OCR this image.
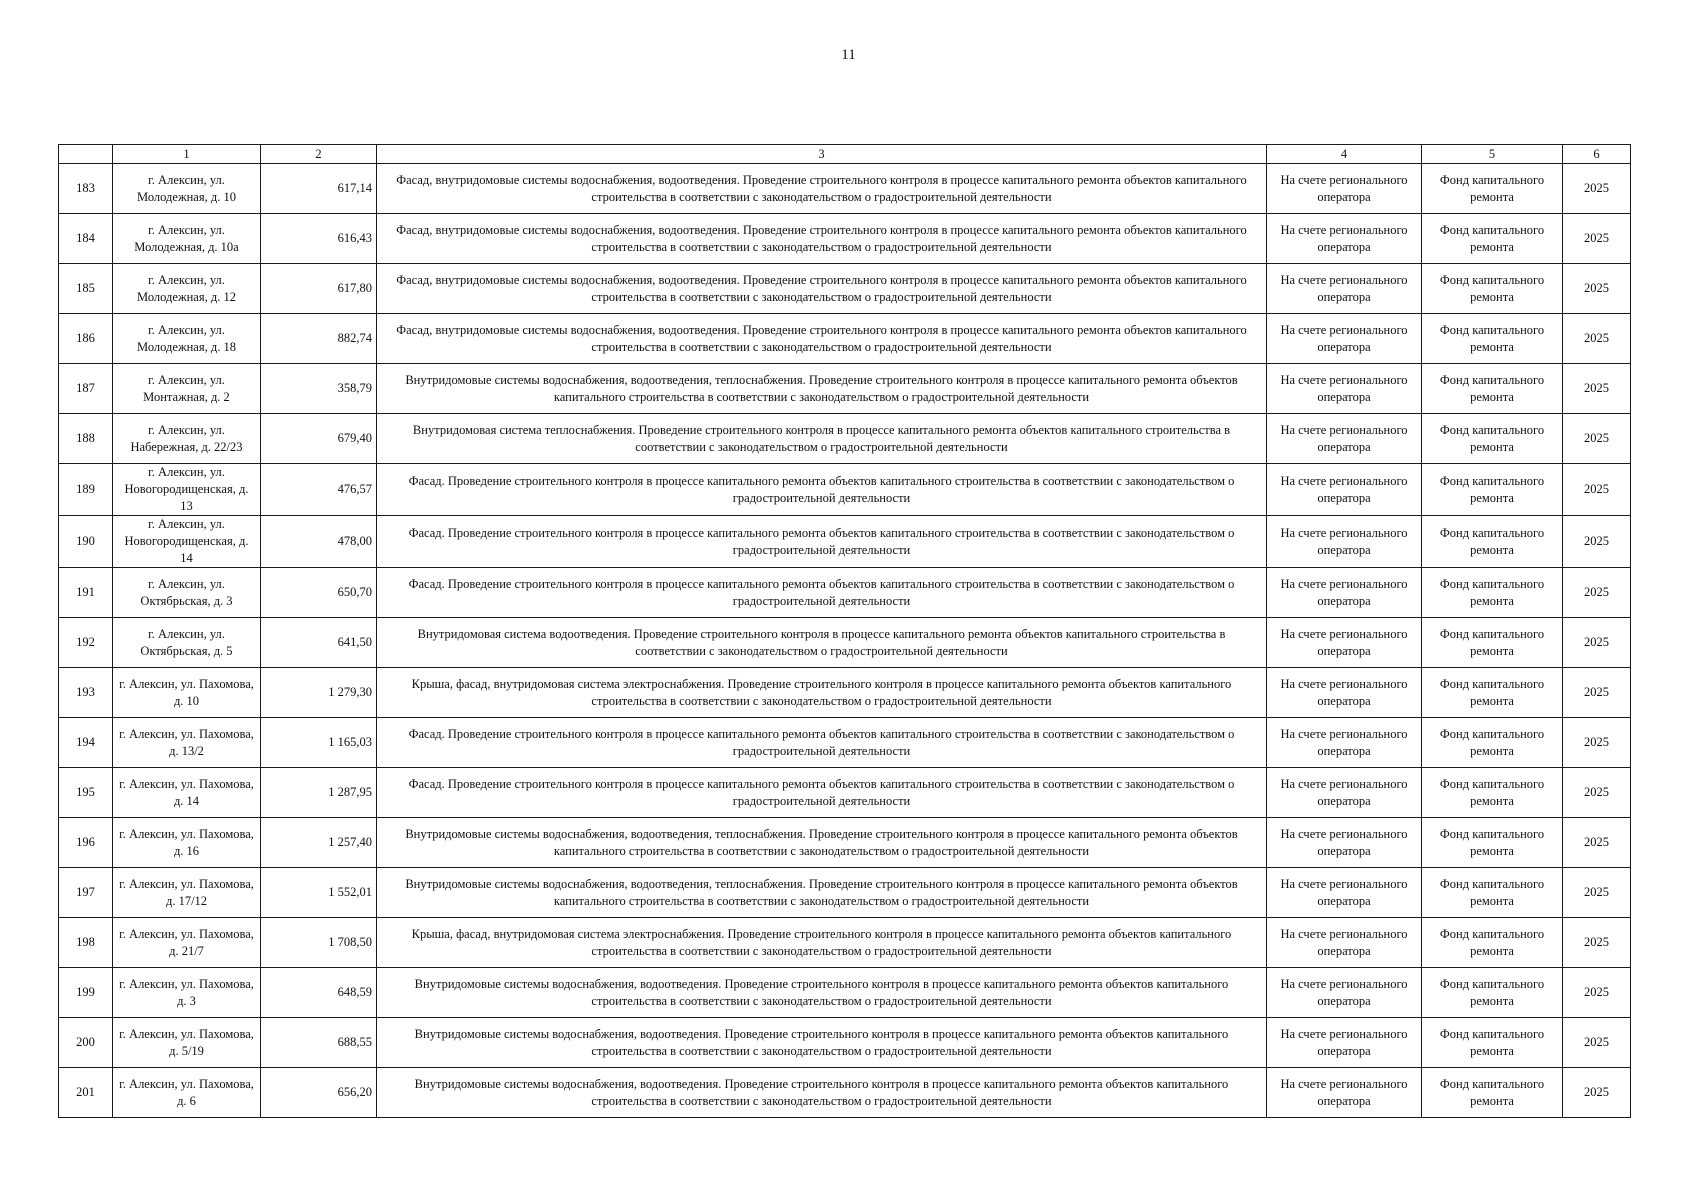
11
	1	2	3	4	5	6
183	г. Алексин, ул. Молодежная, д. 10	617,14	Фасад, внутридомовые системы водоснабжения, водоотведения. Проведение строительного контроля в процессе капитального ремонта объектов капитального строительства в соответствии с законодательством о градостроительной деятельности	На счете регионального оператора	Фонд капитального ремонта	2025
184	г. Алексин, ул. Молодежная, д. 10а	616,43	Фасад, внутридомовые системы водоснабжения, водоотведения. Проведение строительного контроля в процессе капитального ремонта объектов капитального строительства в соответствии с законодательством о градостроительной деятельности	На счете регионального оператора	Фонд капитального ремонта	2025
185	г. Алексин, ул. Молодежная, д. 12	617,80	Фасад, внутридомовые системы водоснабжения, водоотведения. Проведение строительного контроля в процессе капитального ремонта объектов капитального строительства в соответствии с законодательством о градостроительной деятельности	На счете регионального оператора	Фонд капитального ремонта	2025
186	г. Алексин, ул. Молодежная, д. 18	882,74	Фасад, внутридомовые системы водоснабжения, водоотведения. Проведение строительного контроля в процессе капитального ремонта объектов капитального строительства в соответствии с законодательством о градостроительной деятельности	На счете регионального оператора	Фонд капитального ремонта	2025
187	г. Алексин, ул. Монтажная, д. 2	358,79	Внутридомовые системы водоснабжения, водоотведения, теплоснабжения. Проведение строительного контроля в процессе капитального ремонта объектов капитального строительства в соответствии с законодательством о градостроительной деятельности	На счете регионального оператора	Фонд капитального ремонта	2025
188	г. Алексин, ул. Набережная, д. 22/23	679,40	Внутридомовая система теплоснабжения. Проведение строительного контроля в процессе капитального ремонта объектов капитального строительства в соответствии с законодательством о градостроительной деятельности	На счете регионального оператора	Фонд капитального ремонта	2025
189	г. Алексин, ул. Новогородищенская, д. 13	476,57	Фасад. Проведение строительного контроля в процессе капитального ремонта объектов капитального строительства в соответствии с законодательством о градостроительной деятельности	На счете регионального оператора	Фонд капитального ремонта	2025
190	г. Алексин, ул. Новогородищенская, д. 14	478,00	Фасад. Проведение строительного контроля в процессе капитального ремонта объектов капитального строительства в соответствии с законодательством о градостроительной деятельности	На счете регионального оператора	Фонд капитального ремонта	2025
191	г. Алексин, ул. Октябрьская, д. 3	650,70	Фасад. Проведение строительного контроля в процессе капитального ремонта объектов капитального строительства в соответствии с законодательством о градостроительной деятельности	На счете регионального оператора	Фонд капитального ремонта	2025
192	г. Алексин, ул. Октябрьская, д. 5	641,50	Внутридомовая система водоотведения. Проведение строительного контроля в процессе капитального ремонта объектов капитального строительства в соответствии с законодательством о градостроительной деятельности	На счете регионального оператора	Фонд капитального ремонта	2025
193	г. Алексин, ул. Пахомова, д. 10	1 279,30	Крыша, фасад, внутридомовая система электроснабжения. Проведение строительного контроля в процессе капитального ремонта объектов капитального строительства в соответствии с законодательством о градостроительной деятельности	На счете регионального оператора	Фонд капитального ремонта	2025
194	г. Алексин, ул. Пахомова, д. 13/2	1 165,03	Фасад. Проведение строительного контроля в процессе капитального ремонта объектов капитального строительства в соответствии с законодательством о градостроительной деятельности	На счете регионального оператора	Фонд капитального ремонта	2025
195	г. Алексин, ул. Пахомова, д. 14	1 287,95	Фасад. Проведение строительного контроля в процессе капитального ремонта объектов капитального строительства в соответствии с законодательством о градостроительной деятельности	На счете регионального оператора	Фонд капитального ремонта	2025
196	г. Алексин, ул. Пахомова, д. 16	1 257,40	Внутридомовые системы водоснабжения, водоотведения, теплоснабжения. Проведение строительного контроля в процессе капитального ремонта объектов капитального строительства в соответствии с законодательством о градостроительной деятельности	На счете регионального оператора	Фонд капитального ремонта	2025
197	г. Алексин, ул. Пахомова, д. 17/12	1 552,01	Внутридомовые системы водоснабжения, водоотведения, теплоснабжения. Проведение строительного контроля в процессе капитального ремонта объектов капитального строительства в соответствии с законодательством о градостроительной деятельности	На счете регионального оператора	Фонд капитального ремонта	2025
198	г. Алексин, ул. Пахомова, д. 21/7	1 708,50	Крыша, фасад, внутридомовая система электроснабжения. Проведение строительного контроля в процессе капитального ремонта объектов капитального строительства в соответствии с законодательством о градостроительной деятельности	На счете регионального оператора	Фонд капитального ремонта	2025
199	г. Алексин, ул. Пахомова, д. 3	648,59	Внутридомовые системы водоснабжения, водоотведения. Проведение строительного контроля в процессе капитального ремонта объектов капитального строительства в соответствии с законодательством о градостроительной деятельности	На счете регионального оператора	Фонд капитального ремонта	2025
200	г. Алексин, ул. Пахомова, д. 5/19	688,55	Внутридомовые системы водоснабжения, водоотведения. Проведение строительного контроля в процессе капитального ремонта объектов капитального строительства в соответствии с законодательством о градостроительной деятельности	На счете регионального оператора	Фонд капитального ремонта	2025
201	г. Алексин, ул. Пахомова, д. 6	656,20	Внутридомовые системы водоснабжения, водоотведения. Проведение строительного контроля в процессе капитального ремонта объектов капитального строительства в соответствии с законодательством о градостроительной деятельности	На счете регионального оператора	Фонд капитального ремонта	2025
